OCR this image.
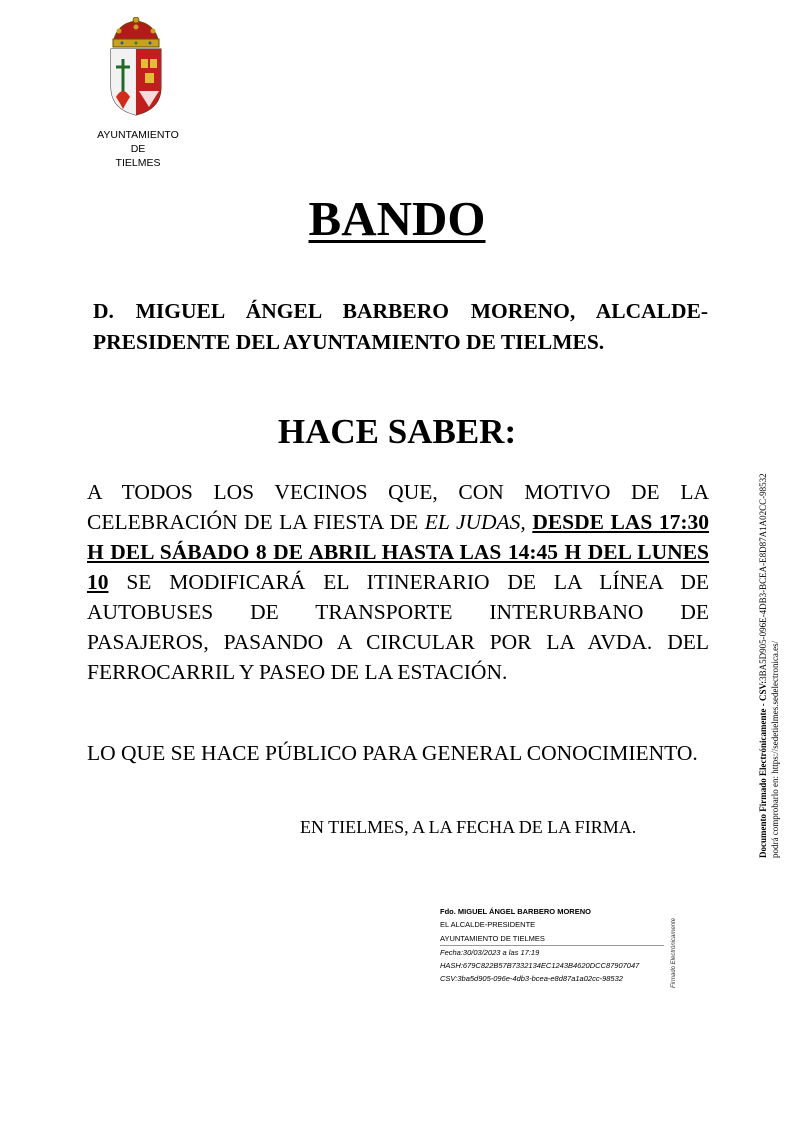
AYUNTAMIENTO
DE
TIELMES
BANDO
D. MIGUEL ÁNGEL BARBERO MORENO, ALCALDE-PRESIDENTE DEL AYUNTAMIENTO DE TIELMES.
HACE SABER:
A TODOS LOS VECINOS QUE, CON MOTIVO DE LA CELEBRACIÓN DE LA FIESTA DE EL JUDAS, DESDE LAS 17:30 H DEL SÁBADO 8 DE ABRIL HASTA LAS 14:45 H DEL LUNES 10 SE MODIFICARÁ EL ITINERARIO DE LA LÍNEA DE AUTOBUSES DE TRANSPORTE INTERURBANO DE PASAJEROS, PASANDO A CIRCULAR POR LA AVDA. DEL FERROCARRIL Y PASEO DE LA ESTACIÓN.
LO QUE SE HACE PÚBLICO PARA GENERAL CONOCIMIENTO.
EN TIELMES, A LA FECHA DE LA FIRMA.
Fdo. MIGUEL ÁNGEL BARBERO MORENO
EL ALCALDE-PRESIDENTE
AYUNTAMIENTO DE TIELMES
Fecha:30/03/2023 a las 17:19
HASH:679C822B57B7332134EC1243B4620DCC87907047
CSV:3ba5d905-096e-4db3-bcea-e8d87a1a02cc-98532	Firmado Electrónicamente
Documento Firmado Electrónicamente - CSV:3BA5D905-096E-4DB3-BCEA-E8D87A1A02CC-98532
podrá comprobarlo en: https://sedetielmes.sedelectronica.es/
